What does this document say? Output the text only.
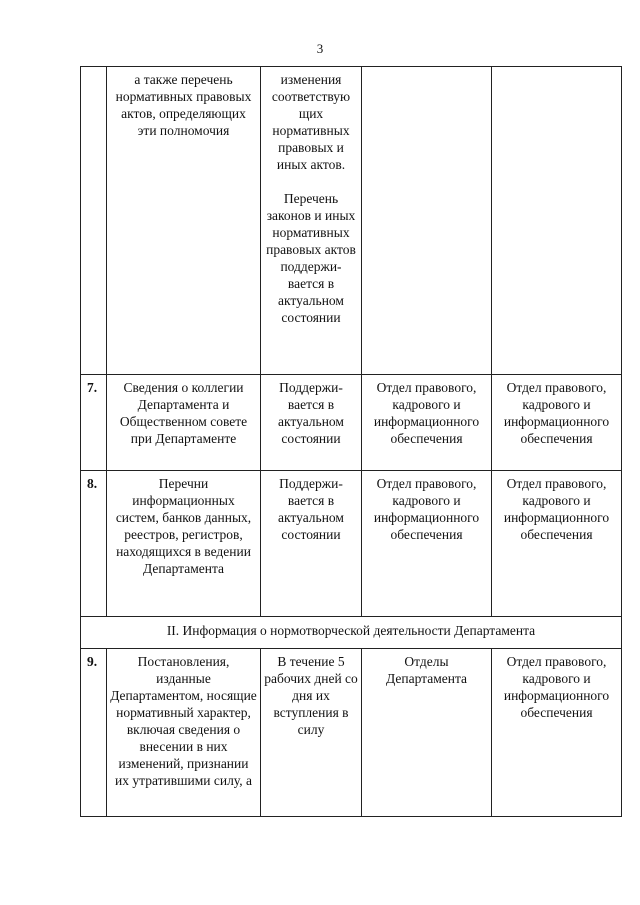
3
	а также перечень нормативных правовых актов, определяющих эти полномочия	изменения соответствую щих нормативных правовых и иных актов.
Перечень законов и иных нормативных правовых актов поддержи-вается в актуальном состоянии		

7.	Сведения о коллегии Департамента и Общественном совете при Департаменте	Поддержи-вается в актуальном состоянии	Отдел правового, кадрового и информационного обеспечения	Отдел правового, кадрового и информационного обеспечения
8.	Перечни информационных систем, банков данных, реестров, регистров, находящихся в ведении Департамента	Поддержи-вается в актуальном состоянии	Отдел правового, кадрового и информационного обеспечения	Отдел правового, кадрового и информационного обеспечения
II. Информация о нормотворческой деятельности Департамента				
9.	Постановления, изданные Департаментом, носящие нормативный характер, включая сведения о внесении в них изменений, признании их утратившими силу, а	В течение 5 рабочих дней со дня их вступления в силу	Отделы Департамента	Отдел правового, кадрового и информационного обеспечения
